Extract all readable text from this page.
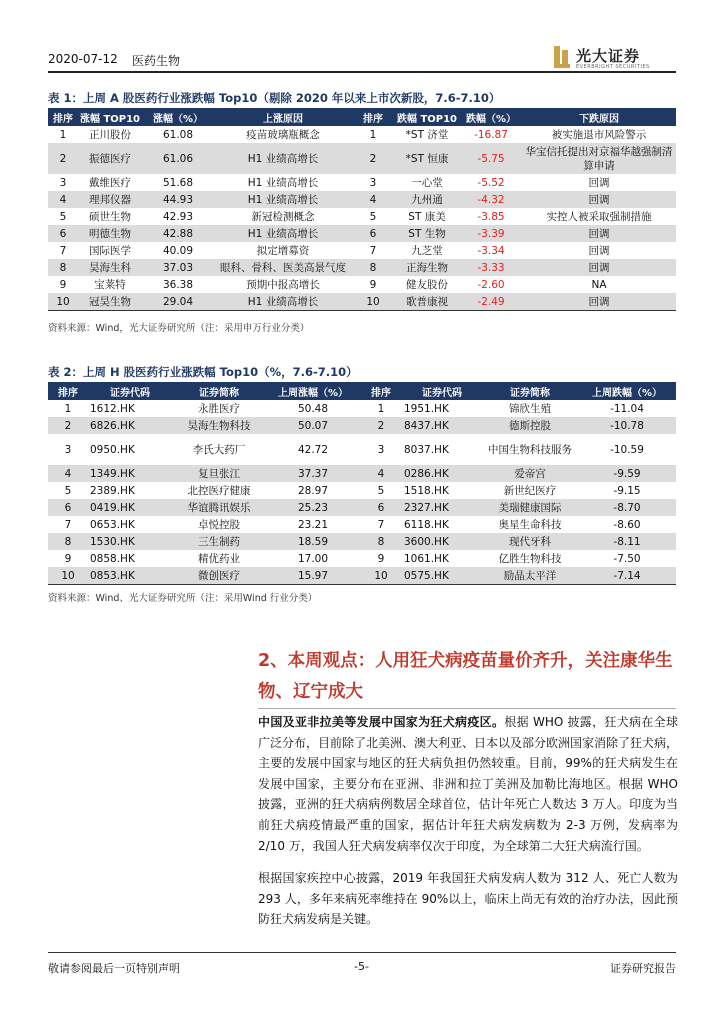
2020-07-12 医药生物	光大证券
EVERBRIGHT SECURITIES
表 1：上周 A 股医药行业涨跌幅 Top10（剔除 2020 年以来上市次新股，7.6-7.10）
排序	涨幅 TOP10	涨幅（%）	上涨原因	排序	跌幅 TOP10	跌幅（%）	下跌原因
1	正川股份	61.08	疫苗玻璃瓶概念	1	*ST 济堂	-16.87	被实施退市风险警示
2	振德医疗	61.06	H1 业绩高增长	2	*ST 恒康	-5.75	华宝信托提出对京福华越强制清算申请
3	戴维医疗	51.68	H1 业绩高增长	3	一心堂	-5.52	回调
4	理邦仪器	44.93	H1 业绩高增长	4	九州通	-4.32	回调
5	硕世生物	42.93	新冠检测概念	5	ST 康美	-3.85	实控人被采取强制措施
6	明德生物	42.88	H1 业绩高增长	6	ST 生物	-3.39	回调
7	国际医学	40.09	拟定增募资	7	九芝堂	-3.34	回调
8	昊海生科	37.03	眼科、骨科、医美高景气度	8	正海生物	-3.33	回调
9	宝莱特	36.38	预期中报高增长	9	健友股份	-2.60	NA
10	冠昊生物	29.04	H1 业绩高增长	10	歌普康视	-2.49	回调
资料来源：Wind，光大证券研究所（注：采用申万行业分类）
表 2：上周 H 股医药行业涨跌幅 Top10（%，7.6-7.10）
排序	证券代码	证券简称	上周涨幅（%）	排序	证券代码	证券简称	上周跌幅（%）
1	1612.HK	永胜医疗	50.48	1	1951.HK	锦欣生殖	-11.04
2	6826.HK	昊海生物科技	50.07	2	8437.HK	德斯控股	-10.78
3	0950.HK	李氏大药厂	42.72	3	8037.HK	中国生物科技服务	-10.59
4	1349.HK	复旦张江	37.37	4	0286.HK	爱帝宫	-9.59
5	2389.HK	北控医疗健康	28.97	5	1518.HK	新世纪医疗	-9.15
6	0419.HK	华谊腾讯娱乐	25.23	6	2327.HK	美瑞健康国际	-8.70
7	0653.HK	卓悦控股	23.21	7	6118.HK	奥星生命科技	-8.60
8	1530.HK	三生制药	18.59	8	3600.HK	现代牙科	-8.11
9	0858.HK	精优药业	17.00	9	1061.HK	亿胜生物科技	-7.50
10	0853.HK	微创医疗	15.97	10	0575.HK	励晶太平洋	-7.14
资料来源：Wind、光大证券研究所（注：采用Wind 行业分类）
2、本周观点：人用狂犬病疫苗量价齐升，关注康华生物、辽宁成大
中国及亚非拉美等发展中国家为狂犬病疫区。根据 WHO 披露，狂犬病在全球广泛分布，目前除了北美洲、澳大利亚、日本以及部分欧洲国家消除了狂犬病，主要的发展中国家与地区的狂犬病负担仍然较重。目前，99%的狂犬病发生在发展中国家，主要分布在亚洲、非洲和拉丁美洲及加勒比海地区。根据 WHO 披露，亚洲的狂犬病病例数居全球首位，估计年死亡人数达 3 万人。印度为当前狂犬病疫情最严重的国家，据估计年狂犬病发病数为 2-3 万例，发病率为 2/10 万，我国人狂犬病发病率仅次于印度，为全球第二大狂犬病流行国。
根据国家疾控中心披露，2019 年我国狂犬病发病人数为 312 人、死亡人数为 293 人，多年来病死率维持在 90%以上，临床上尚无有效的治疗办法，因此预防狂犬病发病是关键。
敬请参阅最后一页特别声明	-5-	证券研究报告
